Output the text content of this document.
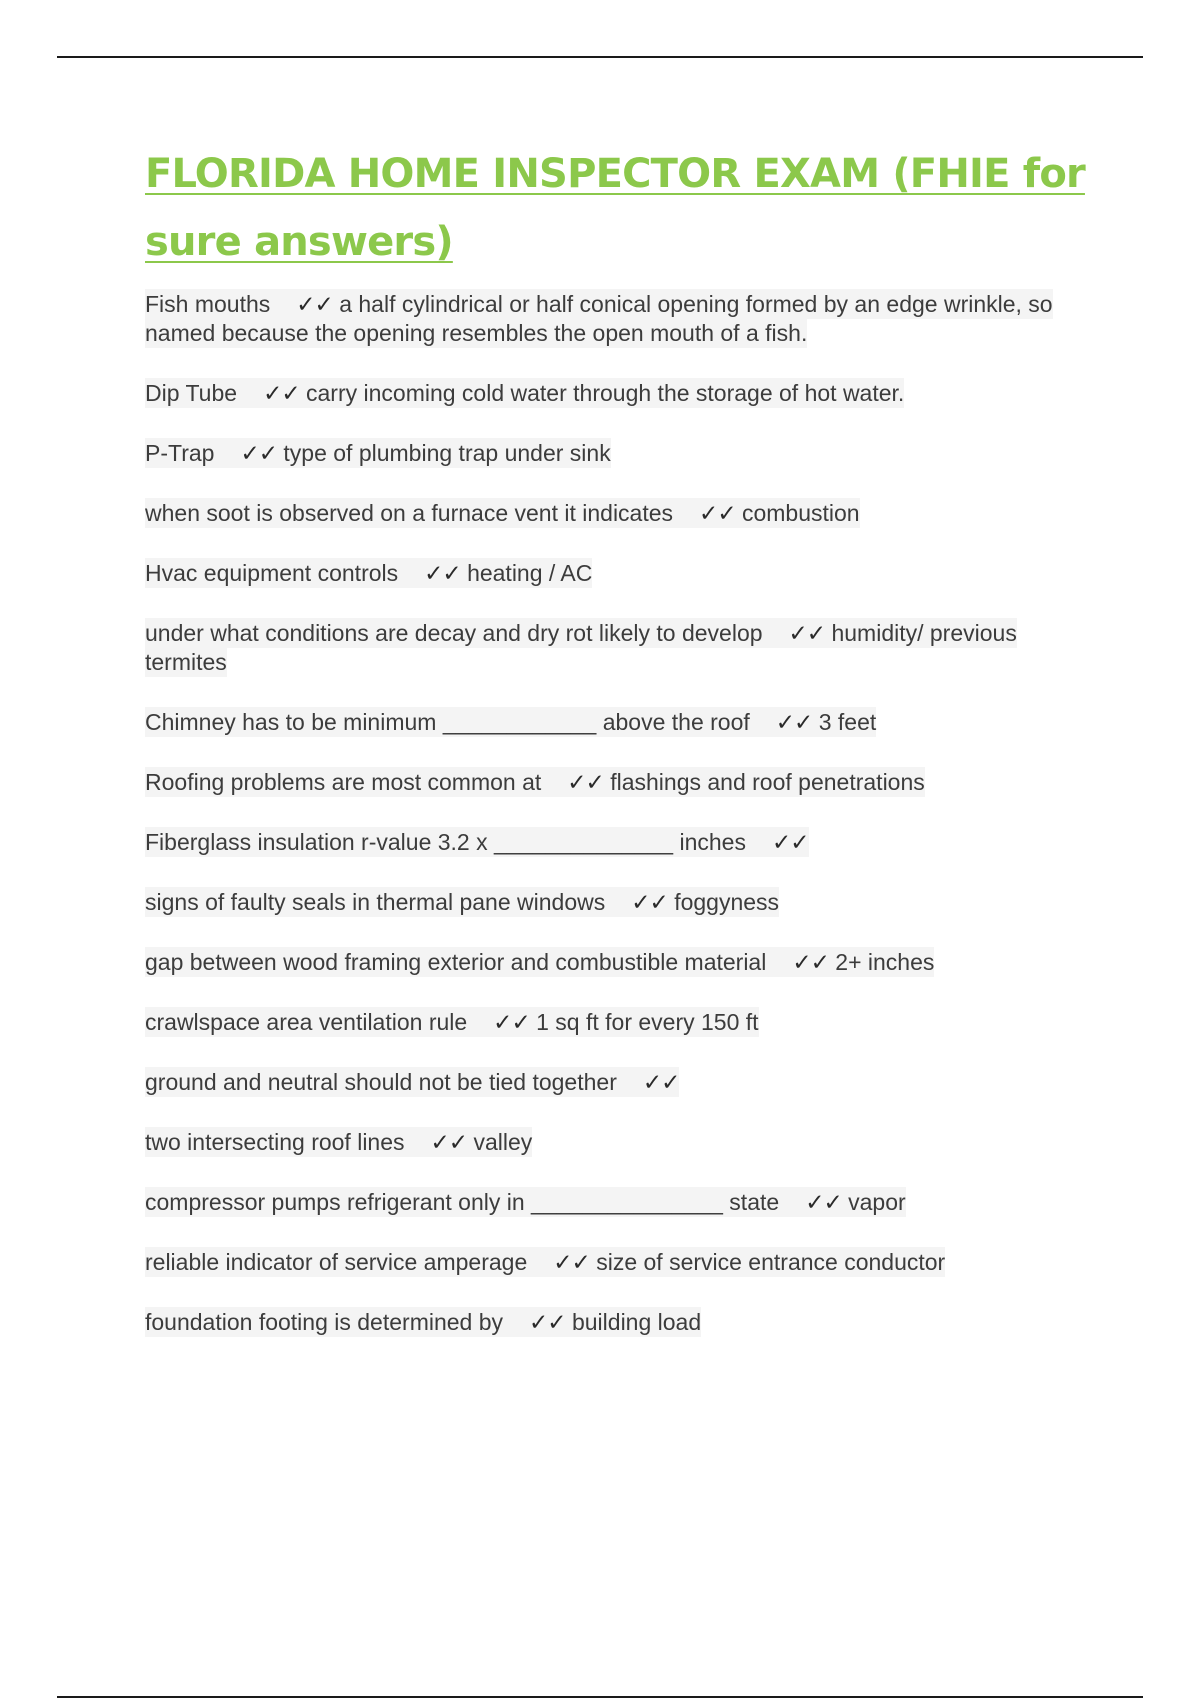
FLORIDA HOME INSPECTOR EXAM (FHIE for sure answers)
Fish mouths ✓✓ a half cylindrical or half conical opening formed by an edge wrinkle, so named because the opening resembles the open mouth of a fish.
Dip Tube ✓✓ carry incoming cold water through the storage of hot water.
P-Trap ✓✓ type of plumbing trap under sink
when soot is observed on a furnace vent it indicates ✓✓ combustion
Hvac equipment controls ✓✓ heating / AC
under what conditions are decay and dry rot likely to develop ✓✓ humidity/ previous termites
Chimney has to be minimum ____________ above the roof ✓✓ 3 feet
Roofing problems are most common at ✓✓ flashings and roof penetrations
Fiberglass insulation r-value 3.2 x ______________ inches ✓✓
signs of faulty seals in thermal pane windows ✓✓ foggyness
gap between wood framing exterior and combustible material ✓✓ 2+ inches
crawlspace area ventilation rule ✓✓ 1 sq ft for every 150 ft
ground and neutral should not be tied together ✓✓
two intersecting roof lines ✓✓ valley
compressor pumps refrigerant only in _______________ state ✓✓ vapor
reliable indicator of service amperage ✓✓ size of service entrance conductor
foundation footing is determined by ✓✓ building load
